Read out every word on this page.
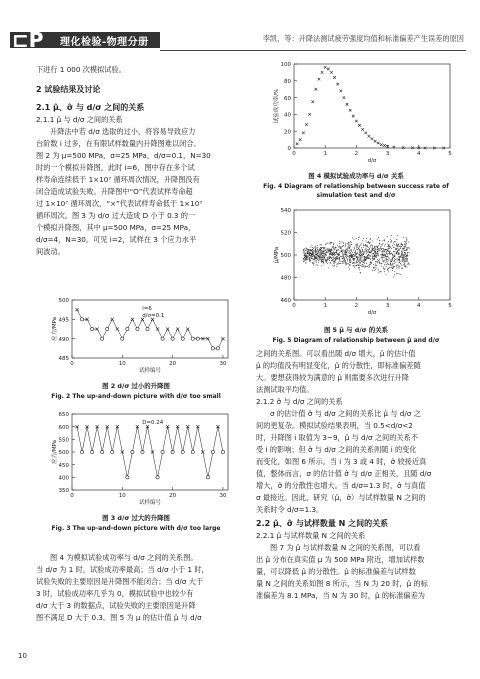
⊏P 理化检验-物理分册	李凯，等：升降法测试疲劳强度均值和标准偏差产生误差的原因

下进行 1 000 次模拟试验。

2 试验结果及讨论

2.1 μ̂、σ̂ 与 d/σ 之间的关系

2.1.1 μ̂ 与 d/σ 之间的关系

升降法中若 d/σ 选取的过小，将容易导致应力

台阶数 i 过多，在有限试样数量内升降图难以闭合。

图 2 为 μ=500 MPa，σ=25 MPa，d/σ=0.1，N=30

时的一个模拟升降图，此时 i=6，图中存在多个试

样寿命连续低于 1×10⁷ 循环周次情况，升降图没有

闭合造成试验失败。升降图中“O”代表试样寿命超

过 1×10⁷ 循环周次，“×”代表试样寿命低于 1×10⁷

循环周次。图 3 为 d/σ 过大造成 D 小于 0.3 的一

个模拟升降图，其中 μ=500 MPa，σ=25 MPa，

d/σ=4，N=30。可见 i=2，试样在 3 个应力水平

间波动。

500
495
490
485
0	10	20	30
试样编号
应力/MPa
i=6
d/σ=0.1
图 2 d/σ 过小的升降图
Fig. 2 The up-and-down picture with d/σ too small
650
600
550
500
450
400
350
0	10	20	30
试样编号
应力/MPa
D=0.24
图 3 d/σ 过大的升降图
Fig. 3 The up-and-down picture with d/σ too large

图 4 为模拟试验成功率与 d/σ 之间的关系图。

当 d/σ 为 1 时，试验成功率最高；当 d/σ 小于 1 时，

试验失败的主要原因是升降图不能闭合；当 d/σ 大于

3 时，试验成功率几乎为 0，模拟试验中也较少有

d/σ 大于 3 的数据点，试验失败的主要原因是升降

图不满足 D 大于 0.3。图 5 为 μ 的估计值 μ̂ 与 d/σ

100
80
60
40
20
0
0	1	2	3	4	5
d/σ
试验成功率/%
图 4 模拟试验成功率与 d/σ 关系
Fig. 4 Diagram of relationship between success rate of
simulation test and d/σ
540
520
500
480
460
0	1	2	3	4	5
d/σ
μ̂/MPa
图 5 μ̂ 与 d/σ 的关系
Fig. 5 Diagram of relationship between μ̂ and d/σ

之间的关系图。可以看出随 d/σ 增大，μ̂ 的估计值

μ̂ 的均值没有明显变化，μ̂ 的分散性，即标准偏差随

大。要想获得较为满意的 μ̂ 则需要多次进行升降

法测试取平均值。

2.1.2 σ̂ 与 d/σ 之间的关系

σ 的估计值 σ̂ 与 d/σ 之间的关系比 μ̂ 与 d/σ 之

间的更复杂。模拟试验结果表明，当 0.5<d/σ<2

时，升降图 i 取值为 3~9，μ̂ 与 d/σ 之间的关系不

受 i 的影响；但 σ̂ 与 d/σ 之间的关系则随 i 的变化

而变化，如图 6 所示。当 i 为 3 或 4 时，σ̂ 较接近真

值，整体而言，σ 的估计值 σ̂ 与 d/σ 正相关，且随 d/σ

增大，σ̂ 的分散性也增大。当 d/σ=1.3 时，σ̂ 与真值

σ 最接近。因此，研究（μ̂，σ̂）与试样数量 N 之间的

关系时令 d/σ=1.3。

2.2 μ̂、σ̂ 与试样数量 N 之间的关系

2.2.1 μ̂ 与试样数量 N 之间的关系

图 7 为 μ̂ 与试样数量 N 之间的关系图，可以看

出 μ̂ 分布在真实值 μ 为 500 MPa 附近，增加试样数

量，可以降低 μ̂ 的分散性。μ̂ 的标准偏差与试样数

量 N 之间的关系如图 8 所示，当 N 为 20 时，μ̂ 的标

准偏差为 8.1 MPa，当 N 为 30 时，μ̂ 的标准偏差为

10
